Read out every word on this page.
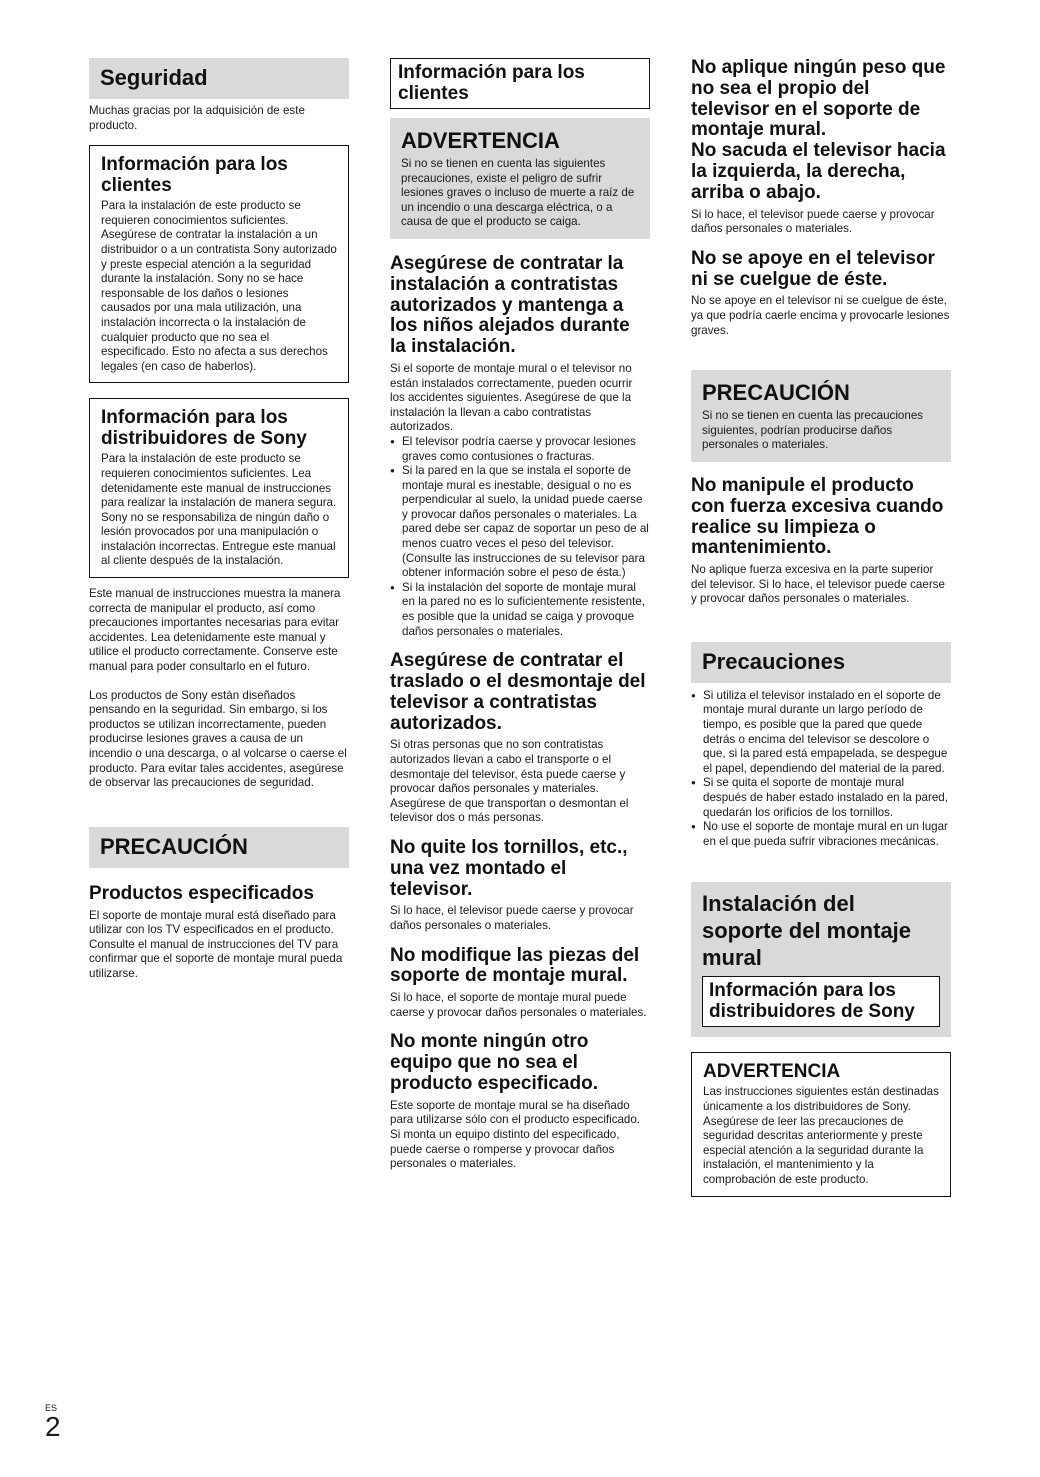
Seguridad

Muchas gracias por la adquisición de este producto.

Información para los clientes

Para la instalación de este producto se requieren conocimientos suficientes. Asegúrese de contratar la instalación a un distribuidor o a un contratista Sony autorizado y preste especial atención a la seguridad durante la instalación. Sony no se hace responsable de los daños o lesiones causados por una mala utilización, una instalación incorrecta o la instalación de cualquier producto que no sea el especificado. Esto no afecta a sus derechos legales (en caso de haberlos).

Información para los distribuidores de Sony

Para la instalación de este producto se requieren conocimientos suficientes. Lea detenidamente este manual de instrucciones para realizar la instalación de manera segura. Sony no se responsabiliza de ningún daño o lesión provocados por una manipulación o instalación incorrectas. Entregue este manual al cliente después de la instalación.

Este manual de instrucciones muestra la manera correcta de manipular el producto, así como precauciones importantes necesarias para evitar accidentes. Lea detenidamente este manual y utilice el producto correctamente. Conserve este manual para poder consultarlo en el futuro.

Los productos de Sony están diseñados pensando en la seguridad. Sin embargo, si los productos se utilizan incorrectamente, pueden producirse lesiones graves a causa de un incendio o una descarga, o al volcarse o caerse el producto. Para evitar tales accidentes, asegúrese de observar las precauciones de seguridad.

PRECAUCIÓN

Productos especificados

El soporte de montaje mural está diseñado para utilizar con los TV especificados en el producto. Consulte el manual de instrucciones del TV para confirmar que el soporte de montaje mural pueda utilizarse.

Información para los clientes

ADVERTENCIA

Si no se tienen en cuenta las siguientes precauciones, existe el peligro de sufrir lesiones graves o incluso de muerte a raíz de un incendio o una descarga eléctrica, o a causa de que el producto se caiga.

Asegúrese de contratar la instalación a contratistas autorizados y mantenga a los niños alejados durante la instalación.

Si el soporte de montaje mural o el televisor no están instalados correctamente, pueden ocurrir los accidentes siguientes. Asegúrese de que la instalación la llevan a cabo contratistas autorizados.

● El televisor podría caerse y provocar lesiones graves como contusiones o fracturas.
● Si la pared en la que se instala el soporte de montaje mural es inestable, desigual o no es perpendicular al suelo, la unidad puede caerse y provocar daños personales o materiales. La pared debe ser capaz de soportar un peso de al menos cuatro veces el peso del televisor.
(Consulte las instrucciones de su televisor para obtener información sobre el peso de ésta.)
● Si la instalación del soporte de montaje mural en la pared no es lo suficientemente resistente, es posible que la unidad se caiga y provoque daños personales o materiales.

Asegúrese de contratar el traslado o el desmontaje del televisor a contratistas autorizados.

Si otras personas que no son contratistas autorizados llevan a cabo el transporte o el desmontaje del televisor, ésta puede caerse y provocar daños personales y materiales. Asegúrese de que transportan o desmontan el televisor dos o más personas.

No quite los tornillos, etc., una vez montado el televisor.

Si lo hace, el televisor puede caerse y provocar daños personales o materiales.

No modifique las piezas del soporte de montaje mural.

Si lo hace, el soporte de montaje mural puede caerse y provocar daños personales o materiales.

No monte ningún otro equipo que no sea el producto especificado.

Este soporte de montaje mural se ha diseñado para utilizarse sólo con el producto especificado. Si monta un equipo distinto del especificado, puede caerse o romperse y provocar daños personales o materiales.

No aplique ningún peso que no sea el propio del televisor en el soporte de montaje mural.
No sacuda el televisor hacia la izquierda, la derecha, arriba o abajo.

Si lo hace, el televisor puede caerse y provocar daños personales o materiales.

No se apoye en el televisor ni se cuelgue de éste.

No se apoye en el televisor ni se cuelgue de éste, ya que podría caerle encima y provocarle lesiones graves.

PRECAUCIÓN

Si no se tienen en cuenta las precauciones siguientes, podrían producirse daños personales o materiales.

No manipule el producto con fuerza excesiva cuando realice su limpieza o mantenimiento.

No aplique fuerza excesiva en la parte superior del televisor. Si lo hace, el televisor puede caerse y provocar daños personales o materiales.

Precauciones
● Si utiliza el televisor instalado en el soporte de montaje mural durante un largo período de tiempo, es posible que la pared que quede detrás o encima del televisor se descolore o que, si la pared está empapelada, se despegue el papel, dependiendo del material de la pared.
● Si se quita el soporte de montaje mural después de haber estado instalado en la pared, quedarán los orificios de los tornillos.
● No use el soporte de montaje mural en un lugar en el que pueda sufrir vibraciones mecánicas.

Instalación del soporte del montaje mural

Información para los distribuidores de Sony

ADVERTENCIA

Las instrucciones siguientes están destinadas únicamente a los distribuidores de Sony. Asegúrese de leer las precauciones de seguridad descritas anteriormente y preste especial atención a la seguridad durante la instalación, el mantenimiento y la comprobación de este producto.

ES
2
